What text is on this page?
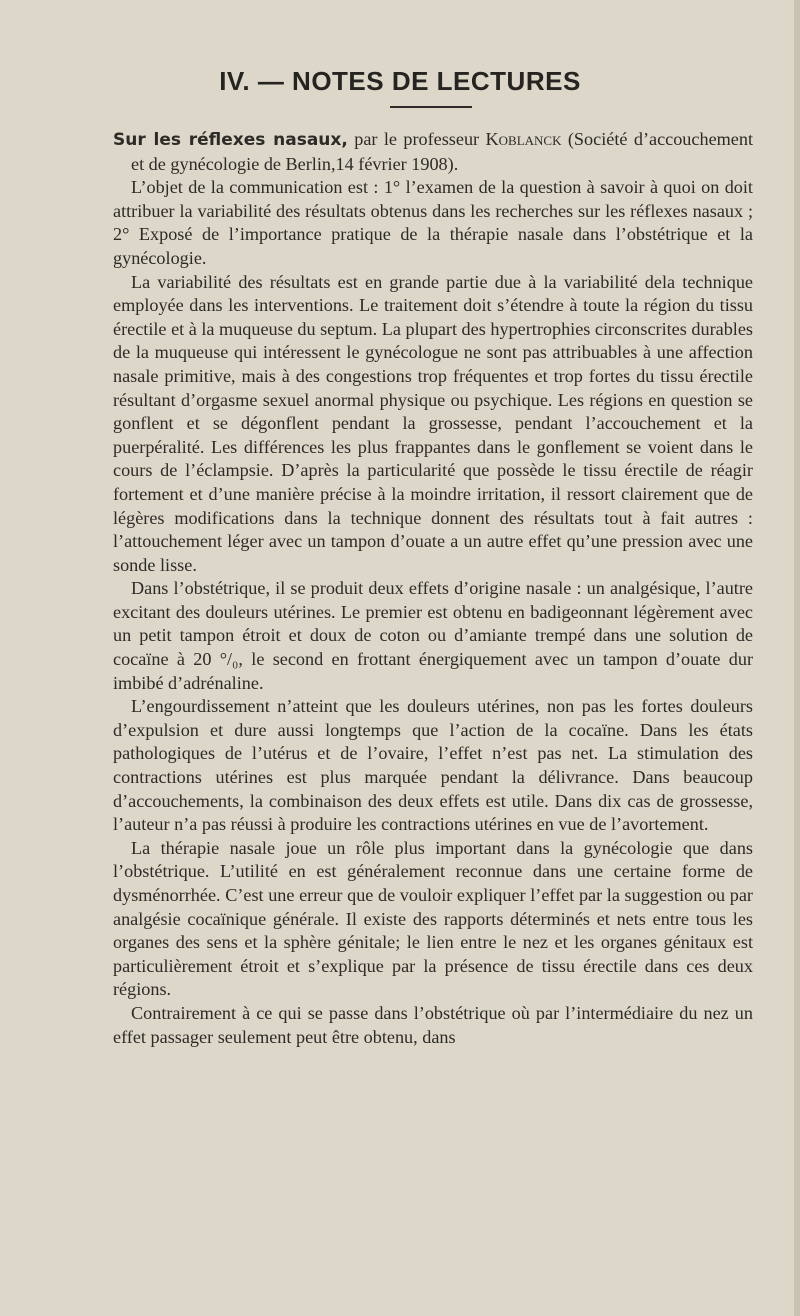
IV. — NOTES DE LECTURES

Sur les réflexes nasaux, par le professeur Koblanck (Société d’accouchement et de gynécologie de Berlin,14 février 1908).

L’objet de la communication est : 1° l’examen de la question à savoir à quoi on doit attribuer la variabilité des résultats obtenus dans les recherches sur les réflexes nasaux ; 2° Exposé de l’importance pratique de la thérapie nasale dans l’obstétrique et la gynécologie.

La variabilité des résultats est en grande partie due à la variabilité dela technique employée dans les interventions. Le traitement doit s’étendre à toute la région du tissu érectile et à la muqueuse du septum. La plupart des hypertrophies circonscrites durables de la muqueuse qui intéressent le gynécologue ne sont pas attribuables à une affection nasale primitive, mais à des congestions trop fréquentes et trop fortes du tissu érectile résultant d’orgasme sexuel anormal physique ou psychique. Les régions en question se gonflent et se dégonflent pendant la grossesse, pendant l’accouchement et la puerpéralité. Les différences les plus frappantes dans le gonflement se voient dans le cours de l’éclampsie. D’après la particularité que possède le tissu érectile de réagir fortement et d’une manière précise à la moindre irritation, il ressort clairement que de légères modifications dans la technique donnent des résultats tout à fait autres : l’attouchement léger avec un tampon d’ouate a un autre effet qu’une pression avec une sonde lisse.

Dans l’obstétrique, il se produit deux effets d’origine nasale : un analgésique, l’autre excitant des douleurs utérines. Le premier est obtenu en badigeonnant légèrement avec un petit tampon étroit et doux de coton ou d’amiante trempé dans une solution de cocaïne à 20 °/₀, le second en frottant énergiquement avec un tampon d’ouate dur imbibé d’adrénaline.

L’engourdissement n’atteint que les douleurs utérines, non pas les fortes douleurs d’expulsion et dure aussi longtemps que l’action de la cocaïne. Dans les états pathologiques de l’utérus et de l’ovaire, l’effet n’est pas net. La stimulation des contractions utérines est plus marquée pendant la délivrance. Dans beaucoup d’accouchements, la combinaison des deux effets est utile. Dans dix cas de grossesse, l’auteur n’a pas réussi à produire les contractions utérines en vue de l’avortement.

La thérapie nasale joue un rôle plus important dans la gynécologie que dans l’obstétrique. L’utilité en est généralement reconnue dans une certaine forme de dysménorrhée. C’est une erreur que de vouloir expliquer l’effet par la suggestion ou par analgésie cocaïnique générale. Il existe des rapports déterminés et nets entre tous les organes des sens et la sphère génitale; le lien entre le nez et les organes génitaux est particulièrement étroit et s’explique par la présence de tissu érectile dans ces deux régions.

Contrairement à ce qui se passe dans l’obstétrique où par l’intermédiaire du nez un effet passager seulement peut être obtenu, dans
